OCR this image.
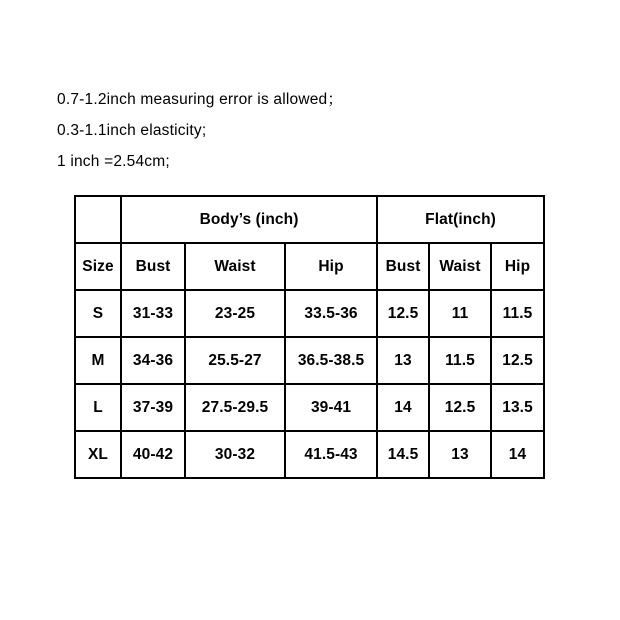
0.7-1.2inch measuring error is allowed；
0.3-1.1inch elasticity;
1 inch =2.54cm;
	Body’s (inch)			Flat(inch)		
Size	Bust	Waist	Hip	Bust	Waist	Hip
S	31-33	23-25	33.5-36	12.5	11	11.5
M	34-36	25.5-27	36.5-38.5	13	11.5	12.5
L	37-39	27.5-29.5	39-41	14	12.5	13.5
XL	40-42	30-32	41.5-43	14.5	13	14
